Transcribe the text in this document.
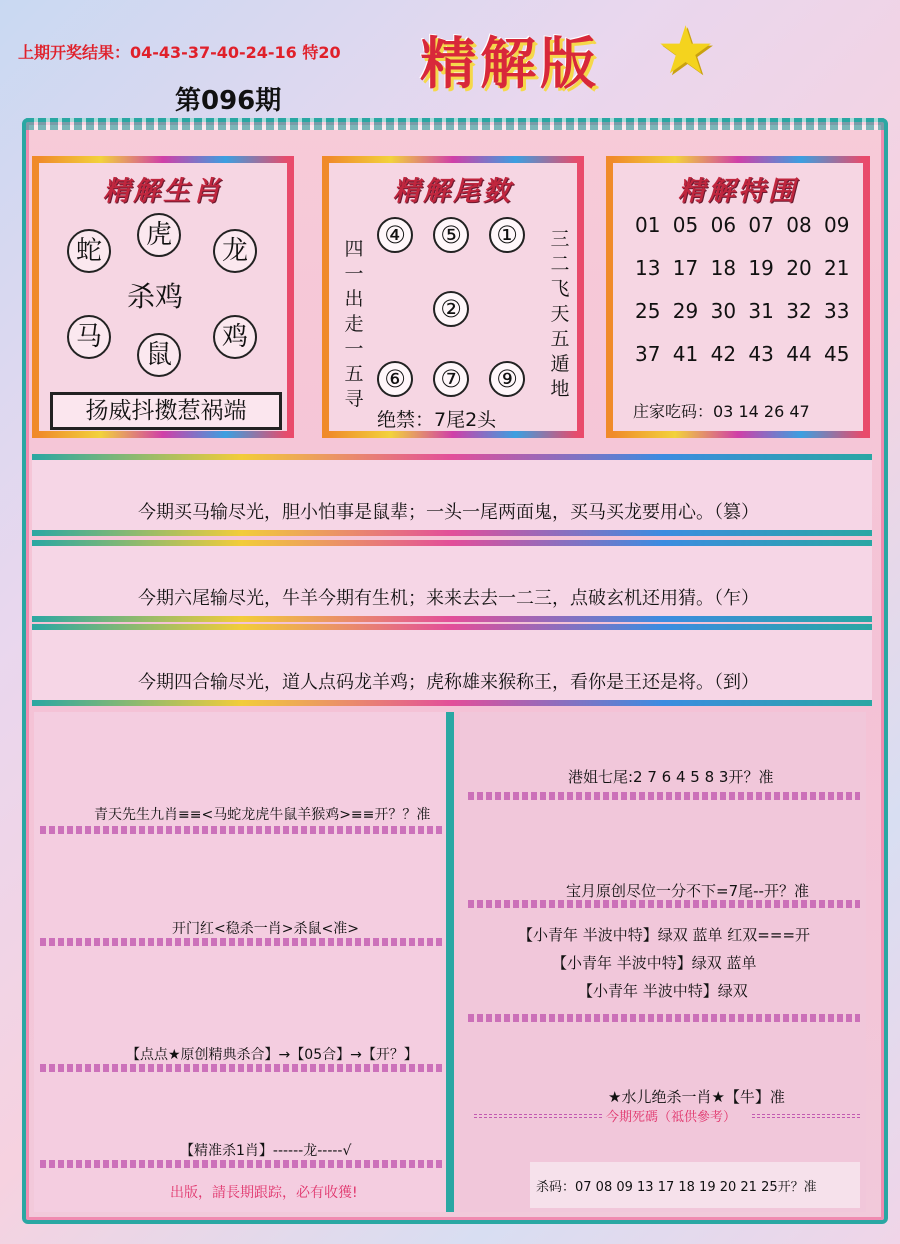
上期开奖结果：04-43-37-40-24-16 特20
第096期
精解版 ★
精解生肖
蛇
虎
龙
马
鼠
鸡
杀鸡
扬威抖擞惹祸端
精解尾数
④	⑤	①
②
⑥	⑦	⑨
四一出走一五寻
三二飞天五遁地
绝禁：7尾2头
精解特围
01 05 06 07 08 09
13 17 18 19 20 21
25 29 30 31 32 33
37 41 42 43 44 45
庄家吃码：03 14 26 47
今期买马输尽光，胆小怕事是鼠辈；一头一尾两面鬼，买马买龙要用心。（篡）
今期六尾输尽光，牛羊今期有生机；来来去去一二三，点破玄机还用猜。（乍）
今期四合输尽光，道人点码龙羊鸡；虎称雄来猴称王，看你是王还是将。（到）
青天先生九肖≡≡<马蛇龙虎牛鼠羊猴鸡>≡≡开？？准
开门红<稳杀一肖>杀鼠<准>
【点点★原创精典杀合】→【05合】→【开？】
【精准杀1肖】------龙-----√
出版，請長期跟踪，必有收獲!
港姐七尾:2 7 6 4 5 8 3开？准
宝月原创尽位一分不下=7尾--开？准
【小青年 半波中特】绿双 蓝单 红双===开
【小青年 半波中特】绿双 蓝单
【小青年 半波中特】绿双
★水儿绝杀一肖★【牛】准
今期死碼（祗供參考）
杀码：07 08 09 13 17 18 19 20 21 25开？准
